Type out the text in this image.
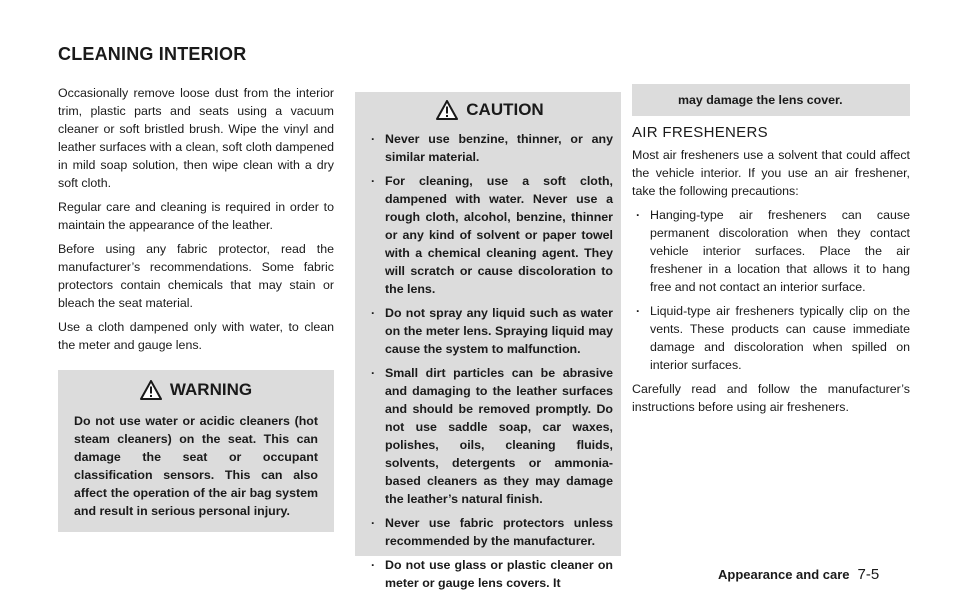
CLEANING INTERIOR

Occasionally remove loose dust from the interior trim, plastic parts and seats using a vacuum cleaner or soft bristled brush. Wipe the vinyl and leather surfaces with a clean, soft cloth dampened in mild soap solution, then wipe clean with a dry soft cloth.

Regular care and cleaning is required in order to maintain the appearance of the leather.

Before using any fabric protector, read the manufacturer’s recommendations. Some fabric protectors contain chemicals that may stain or bleach the seat material.

Use a cloth dampened only with water, to clean the meter and gauge lens.

WARNING
Do not use water or acidic cleaners (hot steam cleaners) on the seat. This can damage the seat or occupant classification sensors. This can also affect the operation of the air bag system and result in serious personal injury.
CAUTION
. Never use benzine, thinner, or any similar material.
. For cleaning, use a soft cloth, dampened with water. Never use a rough cloth, alcohol, benzine, thinner or any kind of solvent or paper towel with a chemical cleaning agent. They will scratch or cause discoloration to the lens.
. Do not spray any liquid such as water on the meter lens. Spraying liquid may cause the system to malfunction.
. Small dirt particles can be abrasive and damaging to the leather surfaces and should be removed promptly. Do not use saddle soap, car waxes, polishes, oils, cleaning fluids, solvents, detergents or ammonia-based cleaners as they may damage the leather’s natural finish.
. Never use fabric protectors unless recommended by the manufacturer.
. Do not use glass or plastic cleaner on meter or gauge lens covers. It
may damage the lens cover.
AIR FRESHENERS

Most air fresheners use a solvent that could affect the vehicle interior. If you use an air freshener, take the following precautions:

. Hanging-type air fresheners can cause permanent discoloration when they contact vehicle interior surfaces. Place the air freshener in a location that allows it to hang free and not contact an interior surface.
. Liquid-type air fresheners typically clip on the vents. These products can cause immediate damage and discoloration when spilled on interior surfaces.

Carefully read and follow the manufacturer’s instructions before using air fresheners.

Appearance and care 7-5
